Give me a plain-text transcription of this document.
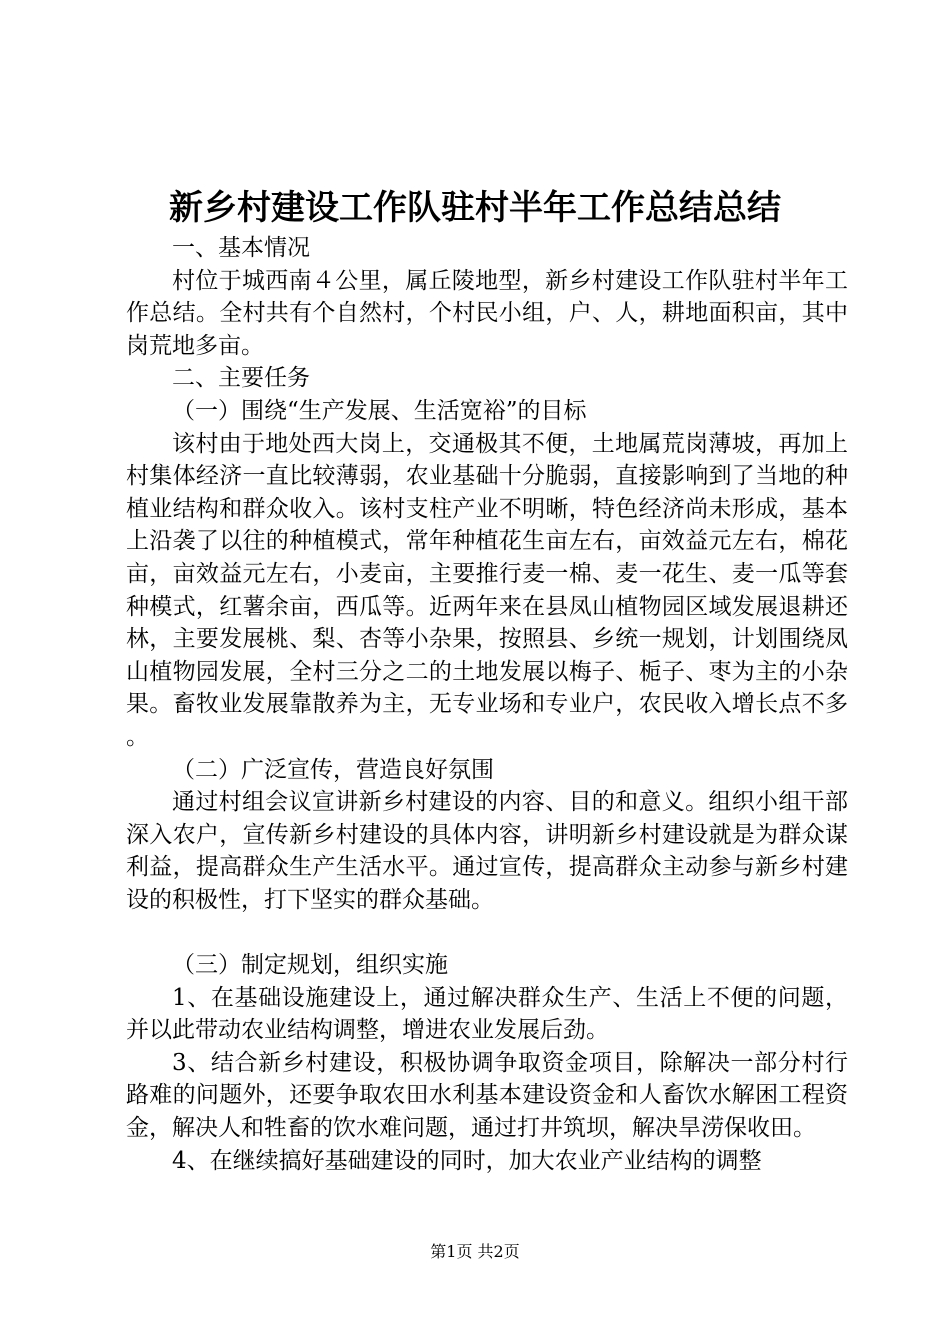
新乡村建设工作队驻村半年工作总结总结

一、基本情况

村位于城西南４公里，属丘陵地型，新乡村建设工作队驻村半年工作总结。全村共有个自然村，个村民小组，户、人，耕地面积亩，其中岗荒地多亩。

二、主要任务

（一）围绕“生产发展、生活宽裕”的目标

该村由于地处西大岗上，交通极其不便，土地属荒岗薄坡，再加上村集体经济一直比较薄弱，农业基础十分脆弱，直接影响到了当地的种植业结构和群众收入。该村支柱产业不明晰，特色经济尚未形成，基本上沿袭了以往的种植模式，常年种植花生亩左右，亩效益元左右，棉花亩，亩效益元左右，小麦亩，主要推行麦一棉、麦一花生、麦一瓜等套种模式，红薯余亩，西瓜等。近两年来在县凤山植物园区域发展退耕还林，主要发展桃、梨、杏等小杂果，按照县、乡统一规划，计划围绕凤山植物园发展，全村三分之二的土地发展以梅子、栀子、枣为主的小杂果。畜牧业发展靠散养为主，无专业场和专业户，农民收入增长点不多。

（二）广泛宣传，营造良好氛围

通过村组会议宣讲新乡村建设的内容、目的和意义。组织小组干部深入农户，宣传新乡村建设的具体内容，讲明新乡村建设就是为群众谋利益，提高群众生产生活水平。通过宣传，提高群众主动参与新乡村建设的积极性，打下坚实的群众基础。

（三）制定规划，组织实施

1、在基础设施建设上，通过解决群众生产、生活上不便的问题，并以此带动农业结构调整，增进农业发展后劲。

3、结合新乡村建设，积极协调争取资金项目，除解决一部分村行路难的问题外，还要争取农田水利基本建设资金和人畜饮水解困工程资金，解决人和牲畜的饮水难问题，通过打井筑坝，解决旱涝保收田。

4、在继续搞好基础建设的同时，加大农业产业结构的调整

第1页 共2页
